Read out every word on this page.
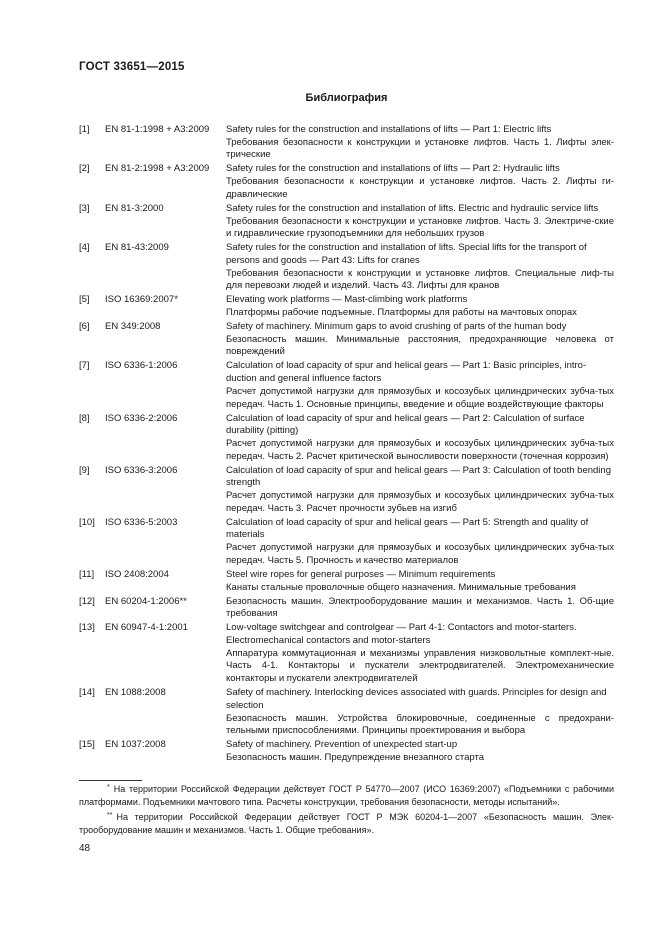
ГОСТ 33651—2015
Библиография
[1]	EN 81-1:1998 + A3:2009	Safety rules for the construction and installations of lifts — Part 1: Electric lifts
Требования безопасности к конструкции и установке лифтов. Часть 1. Лифты элек-трические
[2]	EN 81-2:1998 + A3:2009	Safety rules for the construction and installations of lifts — Part 2: Hydraulic lifts
Требования безопасности к конструкции и установке лифтов. Часть 2. Лифты ги-дравлические
[3]	EN 81-3:2000	Safety rules for the construction and installation of lifts. Electric and hydraulic service lifts
Требования безопасности к конструкции и установке лифтов. Часть 3. Электриче-ские и гидравлические грузоподъемники для небольших грузов
[4]	EN 81-43:2009	Safety rules for the construction and installation of lifts. Special lifts for the transport of persons and goods — Part 43: Lifts for cranes
Требования безопасности к конструкции и установке лифтов. Специальные лиф-ты для перевозки людей и изделий. Часть 43. Лифты для кранов
[5]	ISO 16369:2007*	Elevating work platforms — Mast-climbing work platforms
Платформы рабочие подъемные. Платформы для работы на мачтовых опорах
[6]	EN 349:2008	Safety of machinery. Minimum gaps to avoid crushing of parts of the human body
Безопасность машин. Минимальные расстояния, предохраняющие человека от повреждений
[7]	ISO 6336-1:2006	Calculation of load capacity of spur and helical gears — Part 1: Basic principles, intro-duction and general influence factors
Расчет допустимой нагрузки для прямозубых и косозубых цилиндрических зубча-тых передач. Часть 1. Основные принципы, введение и общие воздействующие факторы
[8]	ISO 6336-2:2006	Calculation of load capacity of spur and helical gears — Part 2: Calculation of surface durability (pitting)
Расчет допустимой нагрузки для прямозубых и косозубых цилиндрических зубча-тых передач. Часть 2. Расчет критической выносливости поверхности (точечная коррозия)
[9]	ISO 6336-3:2006	Calculation of load capacity of spur and helical gears — Part 3: Calculation of tooth bending strength
Расчет допустимой нагрузки для прямозубых и косозубых цилиндрических зубча-тых передач. Часть 3. Расчет прочности зубьев на изгиб
[10]	ISO 6336-5:2003	Calculation of load capacity of spur and helical gears — Part 5: Strength and quality of materials
Расчет допустимой нагрузки для прямозубых и косозубых цилиндрических зубча-тых передач. Часть 5. Прочность и качество материалов
[11]	ISO 2408:2004	Steel wire ropes for general purposes — Minimum requirements
Канаты стальные проволочные общего назначения. Минимальные требования
[12]	EN 60204-1:2006**	Безопасность машин. Электрооборудование машин и механизмов. Часть 1. Об-щие требования
[13]	EN 60947-4-1:2001	Low-voltage switchgear and controlgear — Part 4-1: Contactors and motor-starters. Electromechanical contactors and motor-starters
Аппаратура коммутационная и механизмы управления низковольтные комплект-ные. Часть 4-1. Контакторы и пускатели электродвигателей. Электромеханические контакторы и пускатели электродвигателей
[14]	EN 1088:2008	Safety of machinery. Interlocking devices associated with guards. Principles for design and selection
Безопасность машин. Устройства блокировочные, соединенные с предохрани-тельными приспособлениями. Принципы проектирования и выбора
[15]	EN 1037:2008	Safety of machinery. Prevention of unexpected start-up
Безопасность машин. Предупреждение внезапного старта
* На территории Российской Федерации действует ГОСТ Р 54770—2007 (ИСО 16369:2007) «Подъемники с рабочими платформами. Подъемники мачтового типа. Расчеты конструкции, требования безопасности, методы испытаний».
** На территории Российской Федерации действует ГОСТ Р МЭК 60204-1—2007 «Безопасность машин. Элек-трооборудование машин и механизмов. Часть 1. Общие требования».
48
